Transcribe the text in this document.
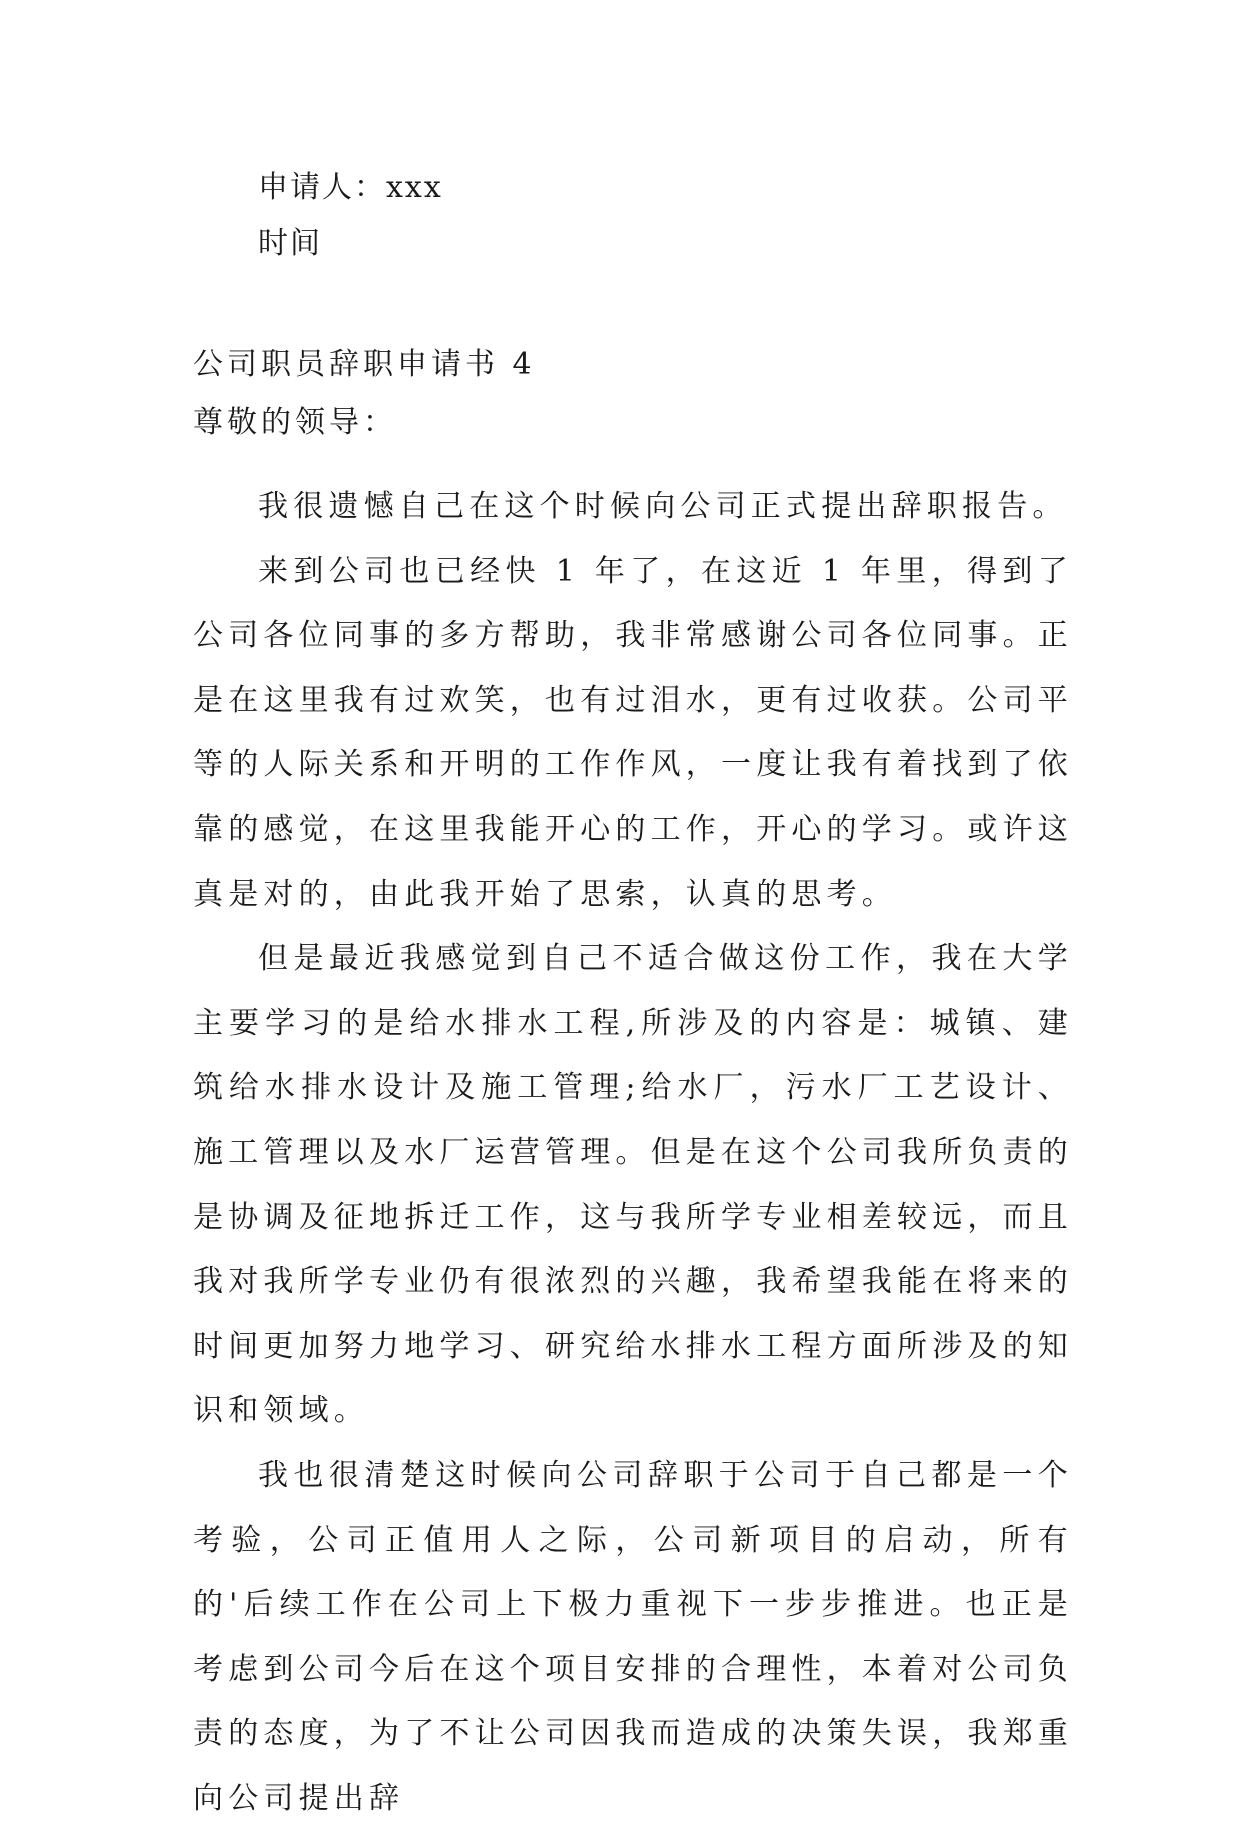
申请人：xxx
时间
公司职员辞职申请书 4
尊敬的领导：

我很遗憾自己在这个时候向公司正式提出辞职报告。

来到公司也已经快 1 年了，在这近 1 年里，得到了公司各位同事的多方帮助，我非常感谢公司各位同事。正是在这里我有过欢笑，也有过泪水，更有过收获。公司平等的人际关系和开明的工作作风，一度让我有着找到了依靠的感觉，在这里我能开心的工作，开心的学习。或许这真是对的，由此我开始了思索，认真的思考。

但是最近我感觉到自己不适合做这份工作，我在大学主要学习的是给水排水工程,所涉及的内容是：城镇、建筑给水排水设计及施工管理;给水厂，污水厂工艺设计、施工管理以及水厂运营管理。但是在这个公司我所负责的是协调及征地拆迁工作，这与我所学专业相差较远，而且我对我所学专业仍有很浓烈的兴趣，我希望我能在将来的时间更加努力地学习、研究给水排水工程方面所涉及的知识和领域。

我也很清楚这时候向公司辞职于公司于自己都是一个考验，公司正值用人之际，公司新项目的启动，所有的'后续工作在公司上下极力重视下一步步推进。也正是考虑到公司今后在这个项目安排的合理性，本着对公司负责的态度，为了不让公司因我而造成的决策失误，我郑重向公司提出辞
